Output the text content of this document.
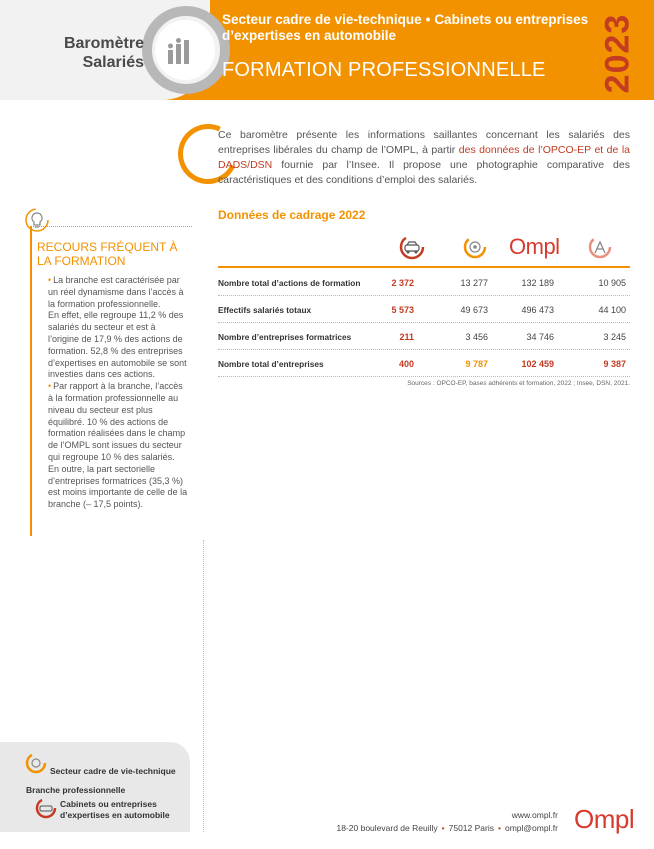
Baromètre
Salariés
Secteur cadre de vie-technique • Cabinets ou entreprises d’expertises en automobile
FORMATION PROFESSIONNELLE 2023
Ce baromètre présente les informations saillantes concernant les salariés des entreprises libérales du champ de l’OMPL, à partir des données de l’OPCO-EP et de la DADS/DSN fournie par l’Insee. Il propose une photographie comparative des caractéristiques et des conditions d’emploi des salariés.
RECOURS FRÉQUENT À LA FORMATION

• La branche est caractérisée par un réel dynamisme dans l’accès à la formation professionnelle.

En effet, elle regroupe 11,2 % des salariés du secteur et est à l’origine de 17,9 % des actions de formation. 52,8 % des entreprises d’expertises en automobile se sont investies dans ces actions.

• Par rapport à la branche, l’accès à la formation professionnelle au niveau du secteur est plus équilibré. 10 % des actions de formation réalisées dans le champ de l’OMPL sont issues du secteur qui regroupe 10 % des salariés.

En outre, la part sectorielle d’entreprises formatrices (35,3 %) est moins importante de celle de la branche (– 17,5 points).

Données de cadrage 2022
Ompl
Nombre total d’actions de formation	2 372	13 277	132 189	10 905
Effectifs salariés totaux	5 573	49 673	496 473	44 100
Nombre d’entreprises formatrices	211	3 456	34 746	3 245
Nombre total d’entreprises	400	9 787	102 459	9 387
Sources : OPCO-EP, bases adhérents et formation, 2022 ; Insee, DSN, 2021.
Secteur cadre de vie-technique
Branche professionnelle
Cabinets ou entreprises d’expertises en automobile	www.ompl.fr
18-20 boulevard de Reuilly • 75012 Paris • ompl@ompl.fr Ompl
